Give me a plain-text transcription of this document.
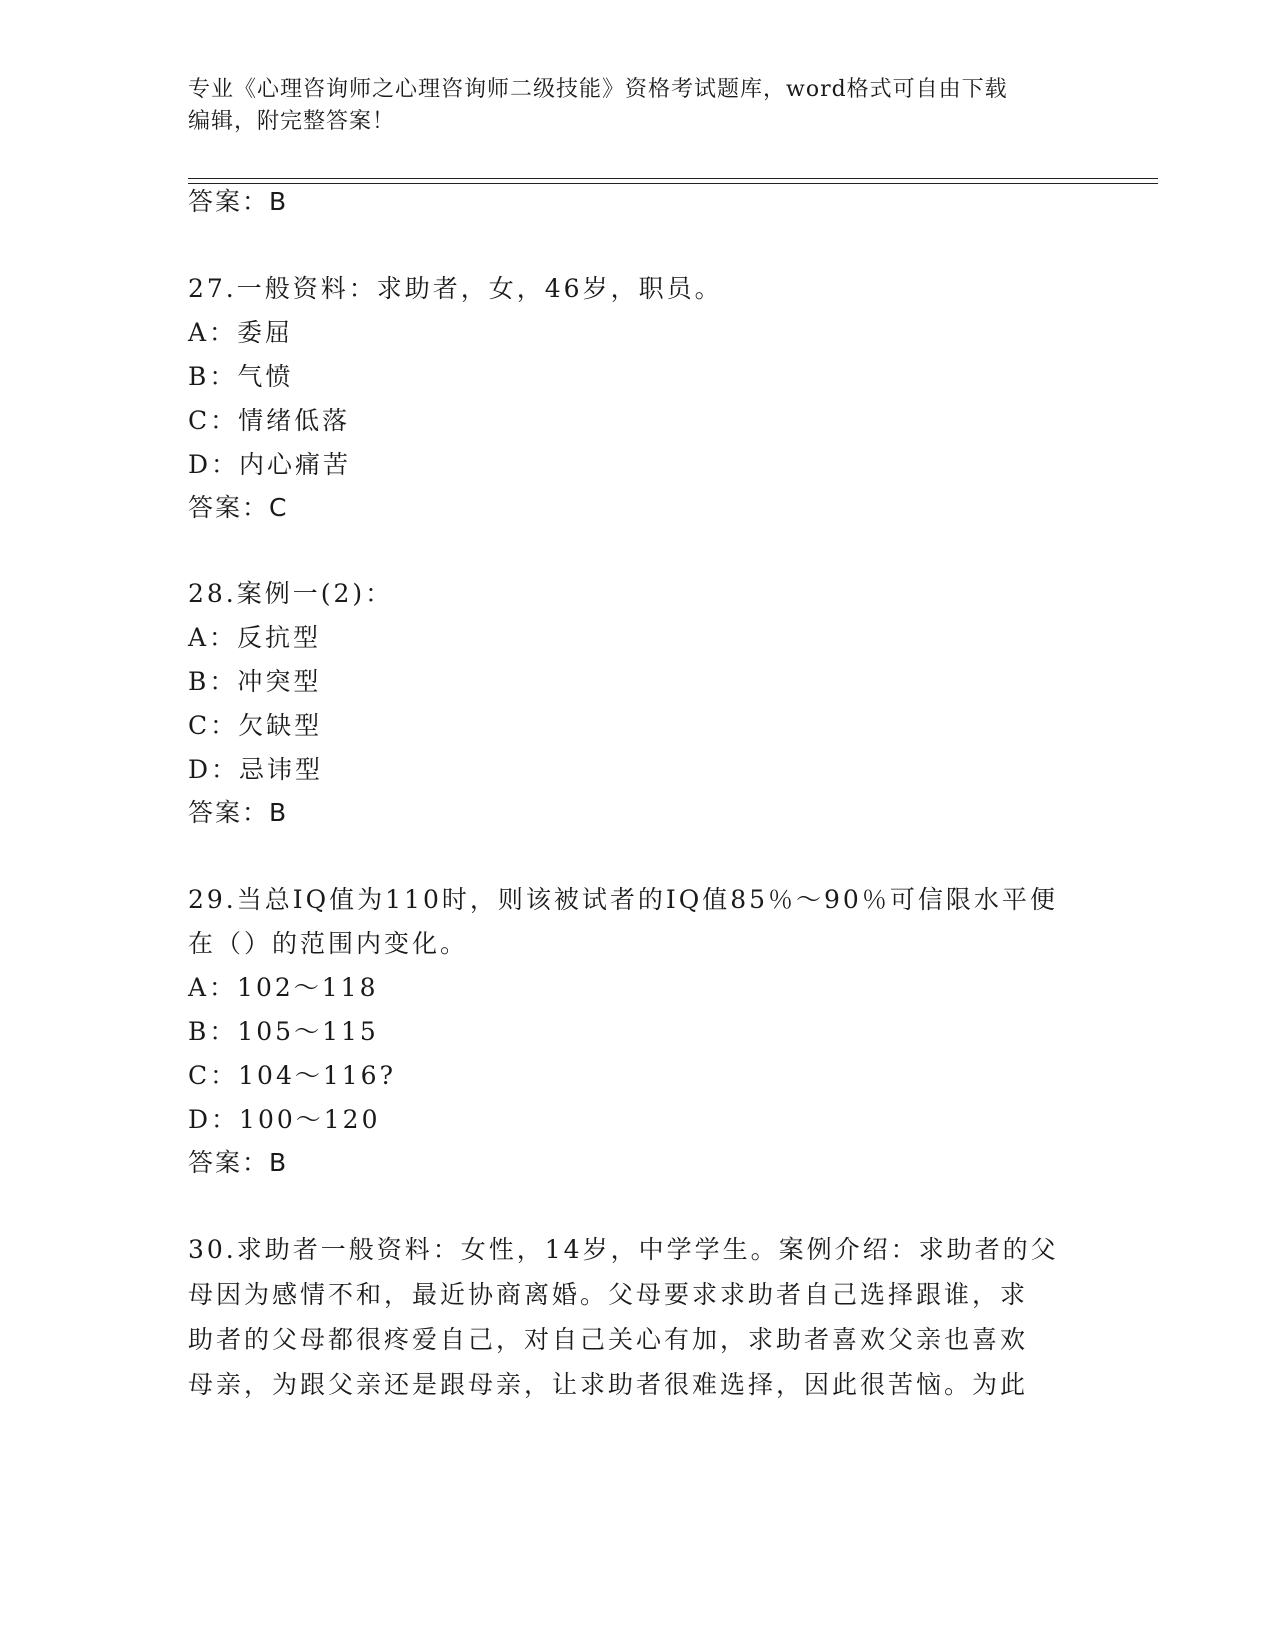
专业《心理咨询师之心理咨询师二级技能》资格考试题库，word格式可自由下载
编辑，附完整答案！
答案：B
27.一般资料：求助者，女，46岁，职员。
A：委屈
B：气愤
C：情绪低落
D：内心痛苦
答案：C
28.案例一(2)：
A：反抗型
B：冲突型
C：欠缺型
D：忌讳型
答案：B
29.当总IQ值为110时，则该被试者的IQ值85％～90％可信限水平便
在（）的范围内变化。
A：102～118
B：105～115
C：104～116?
D：100～120
答案：B
30.求助者一般资料：女性，14岁，中学学生。案例介绍：求助者的父
母因为感情不和，最近协商离婚。父母要求求助者自己选择跟谁，求
助者的父母都很疼爱自己，对自己关心有加，求助者喜欢父亲也喜欢
母亲，为跟父亲还是跟母亲，让求助者很难选择，因此很苦恼。为此
